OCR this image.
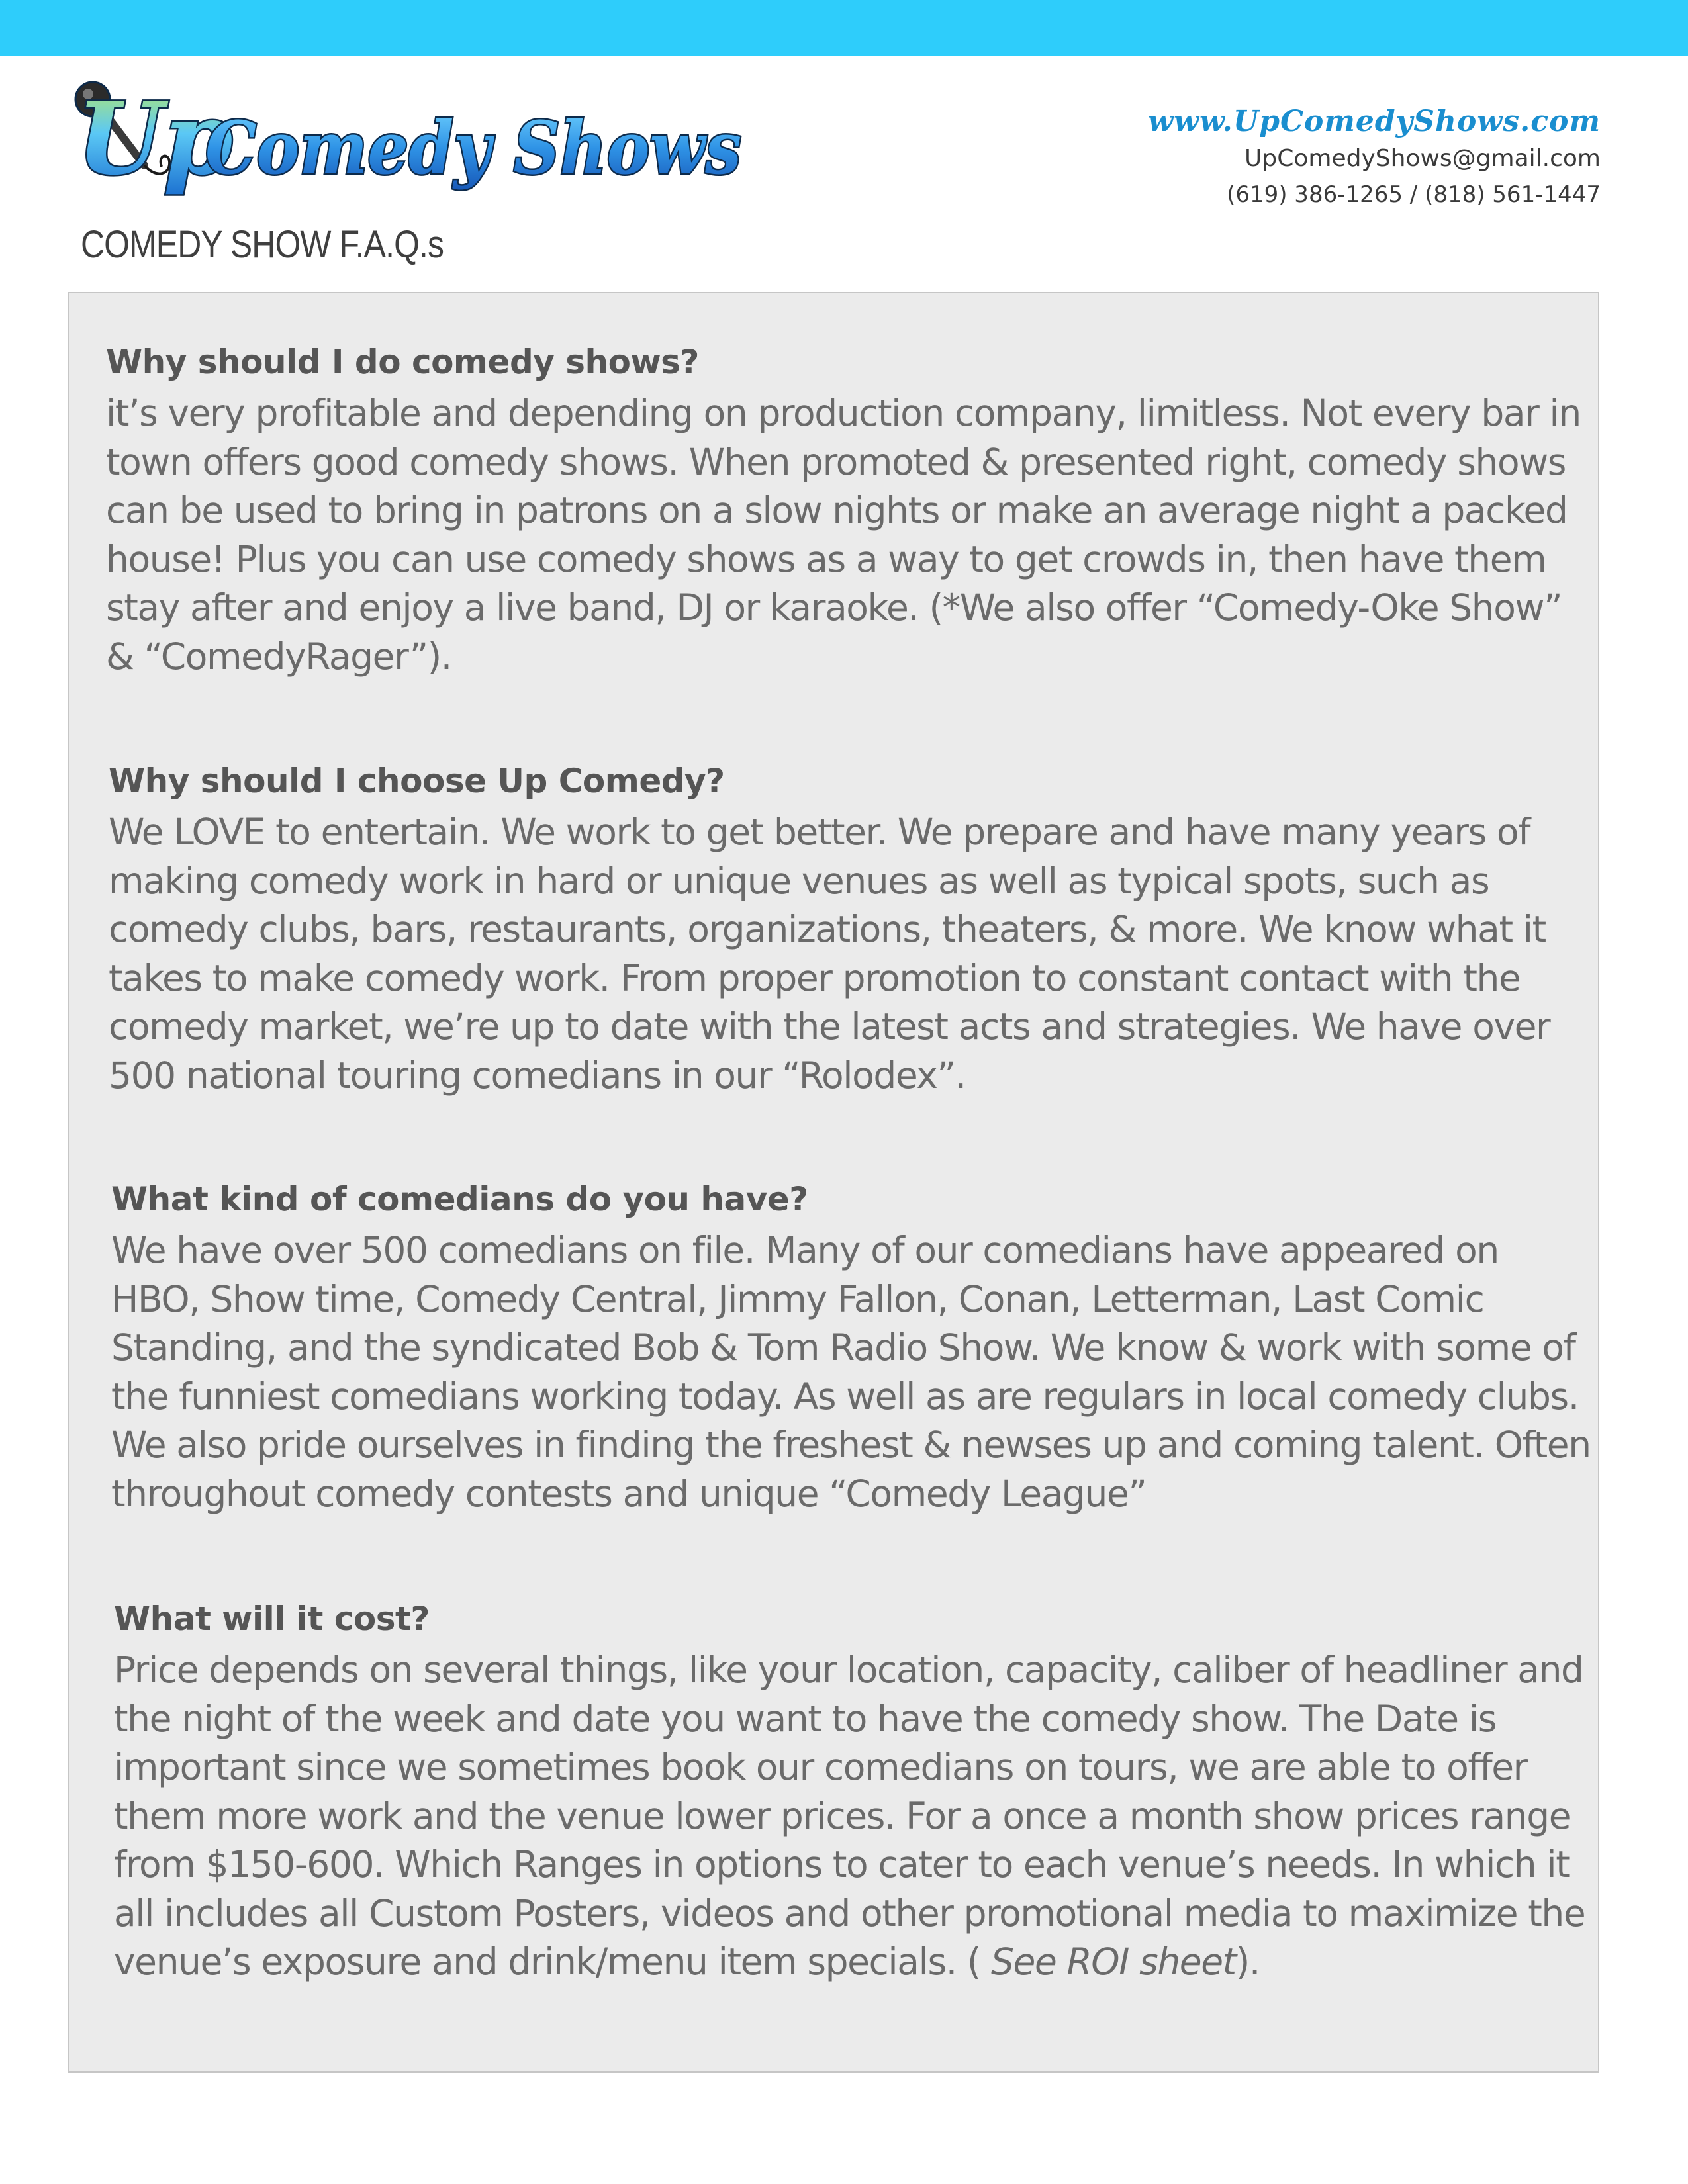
Up
Comedy Shows	www.UpComedyShows.com
UpComedyShows@gmail.com
(619) 386-1265 / (818) 561-1447
COMEDY SHOW F.A.Q.s
Why should I do comedy shows?

it’s very profitable and depending on production company, limitless. Not every bar in

town offers good comedy shows. When promoted & presented right, comedy shows

can be used to bring in patrons on a slow nights or make an average night a packed

house! Plus you can use comedy shows as a way to get crowds in, then have them

stay after and enjoy a live band, DJ or karaoke. (*We also offer “Comedy-Oke Show”

& “ComedyRager”).

Why should I choose Up Comedy?

We LOVE to entertain. We work to get better. We prepare and have many years of

making comedy work in hard or unique venues as well as typical spots, such as

comedy clubs, bars, restaurants, organizations, theaters, & more. We know what it

takes to make comedy work. From proper promotion to constant contact with the

comedy market, we’re up to date with the latest acts and strategies. We have over

500 national touring comedians in our “Rolodex”.

What kind of comedians do you have?

We have over 500 comedians on file. Many of our comedians have appeared on

HBO, Show time, Comedy Central, Jimmy Fallon, Conan, Letterman, Last Comic

Standing, and the syndicated Bob & Tom Radio Show. We know & work with some of

the funniest comedians working today. As well as are regulars in local comedy clubs.

We also pride ourselves in finding the freshest & newses up and coming talent. Often

throughout comedy contests and unique “Comedy League”

What will it cost?

Price depends on several things, like your location, capacity, caliber of headliner and

the night of the week and date you want to have the comedy show. The Date is

important since we sometimes book our comedians on tours, we are able to offer

them more work and the venue lower prices. For a once a month show prices range

from $150-600. Which Ranges in options to cater to each venue’s needs. In which it

all includes all Custom Posters, videos and other promotional media to maximize the

venue’s exposure and drink/menu item specials. ( See ROI sheet).
